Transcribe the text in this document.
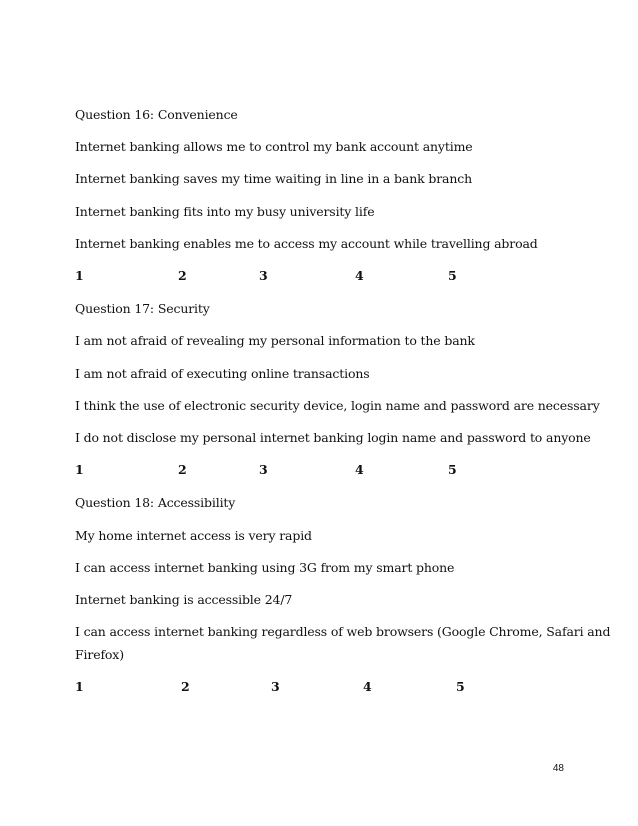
Question 16: Convenience
Internet banking allows me to control my bank account anytime
Internet banking saves my time waiting in line in a bank branch
Internet banking fits into my busy university life
Internet banking enables me to access my account while travelling abroad
1	2	3	4	5
Question 17: Security
I am not afraid of revealing my personal information to the bank
I am not afraid of executing online transactions
I think the use of electronic security device, login name and password are necessary
I do not disclose my personal internet banking login name and password to anyone
1	2	3	4	5
Question 18: Accessibility
My home internet access is very rapid
I can access internet banking using 3G from my smart phone
Internet banking is accessible 24/7
I can access internet banking regardless of web browsers (Google Chrome, Safari and
Firefox)
1	2	3	4	5
48
